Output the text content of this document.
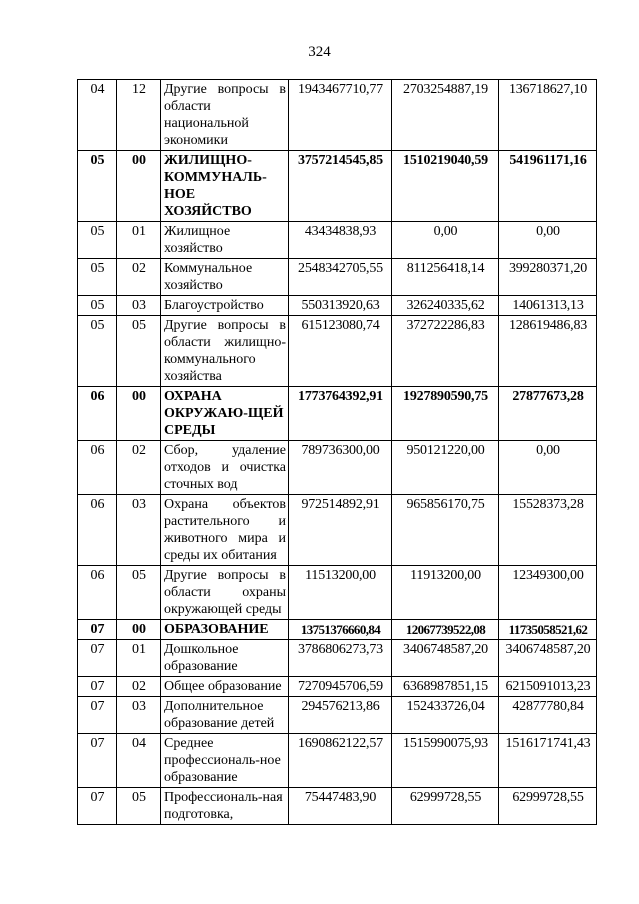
324
04	12	Другие вопросы в области национальной экономики	1943467710,77	2703254887,19	136718627,10
05	00	ЖИЛИЩНО-КОММУНАЛЬ-НОЕ ХОЗЯЙСТВО	3757214545,85	1510219040,59	541961171,16
05	01	Жилищное хозяйство	43434838,93	0,00	0,00
05	02	Коммунальное хозяйство	2548342705,55	811256418,14	399280371,20
05	03	Благоустройство	550313920,63	326240335,62	14061313,13
05	05	Другие вопросы в области жилищно-коммунального хозяйства	615123080,74	372722286,83	128619486,83
06	00	ОХРАНА ОКРУЖАЮ-ЩЕЙ СРЕДЫ	1773764392,91	1927890590,75	27877673,28
06	02	Сбор, удаление отходов и очистка сточных вод	789736300,00	950121220,00	0,00
06	03	Охрана объектов растительного и животного мира и среды их обитания	972514892,91	965856170,75	15528373,28
06	05	Другие вопросы в области охраны окружающей среды	11513200,00	11913200,00	12349300,00
07	00	ОБРАЗОВАНИЕ	13751376660,84	12067739522,08	11735058521,62
07	01	Дошкольное образование	3786806273,73	3406748587,20	3406748587,20
07	02	Общее образование	7270945706,59	6368987851,15	6215091013,23
07	03	Дополнительное образование детей	294576213,86	152433726,04	42877780,84
07	04	Среднее профессиональ-ное образование	1690862122,57	1515990075,93	1516171741,43
07	05	Профессиональ-ная подготовка,	75447483,90	62999728,55	62999728,55
